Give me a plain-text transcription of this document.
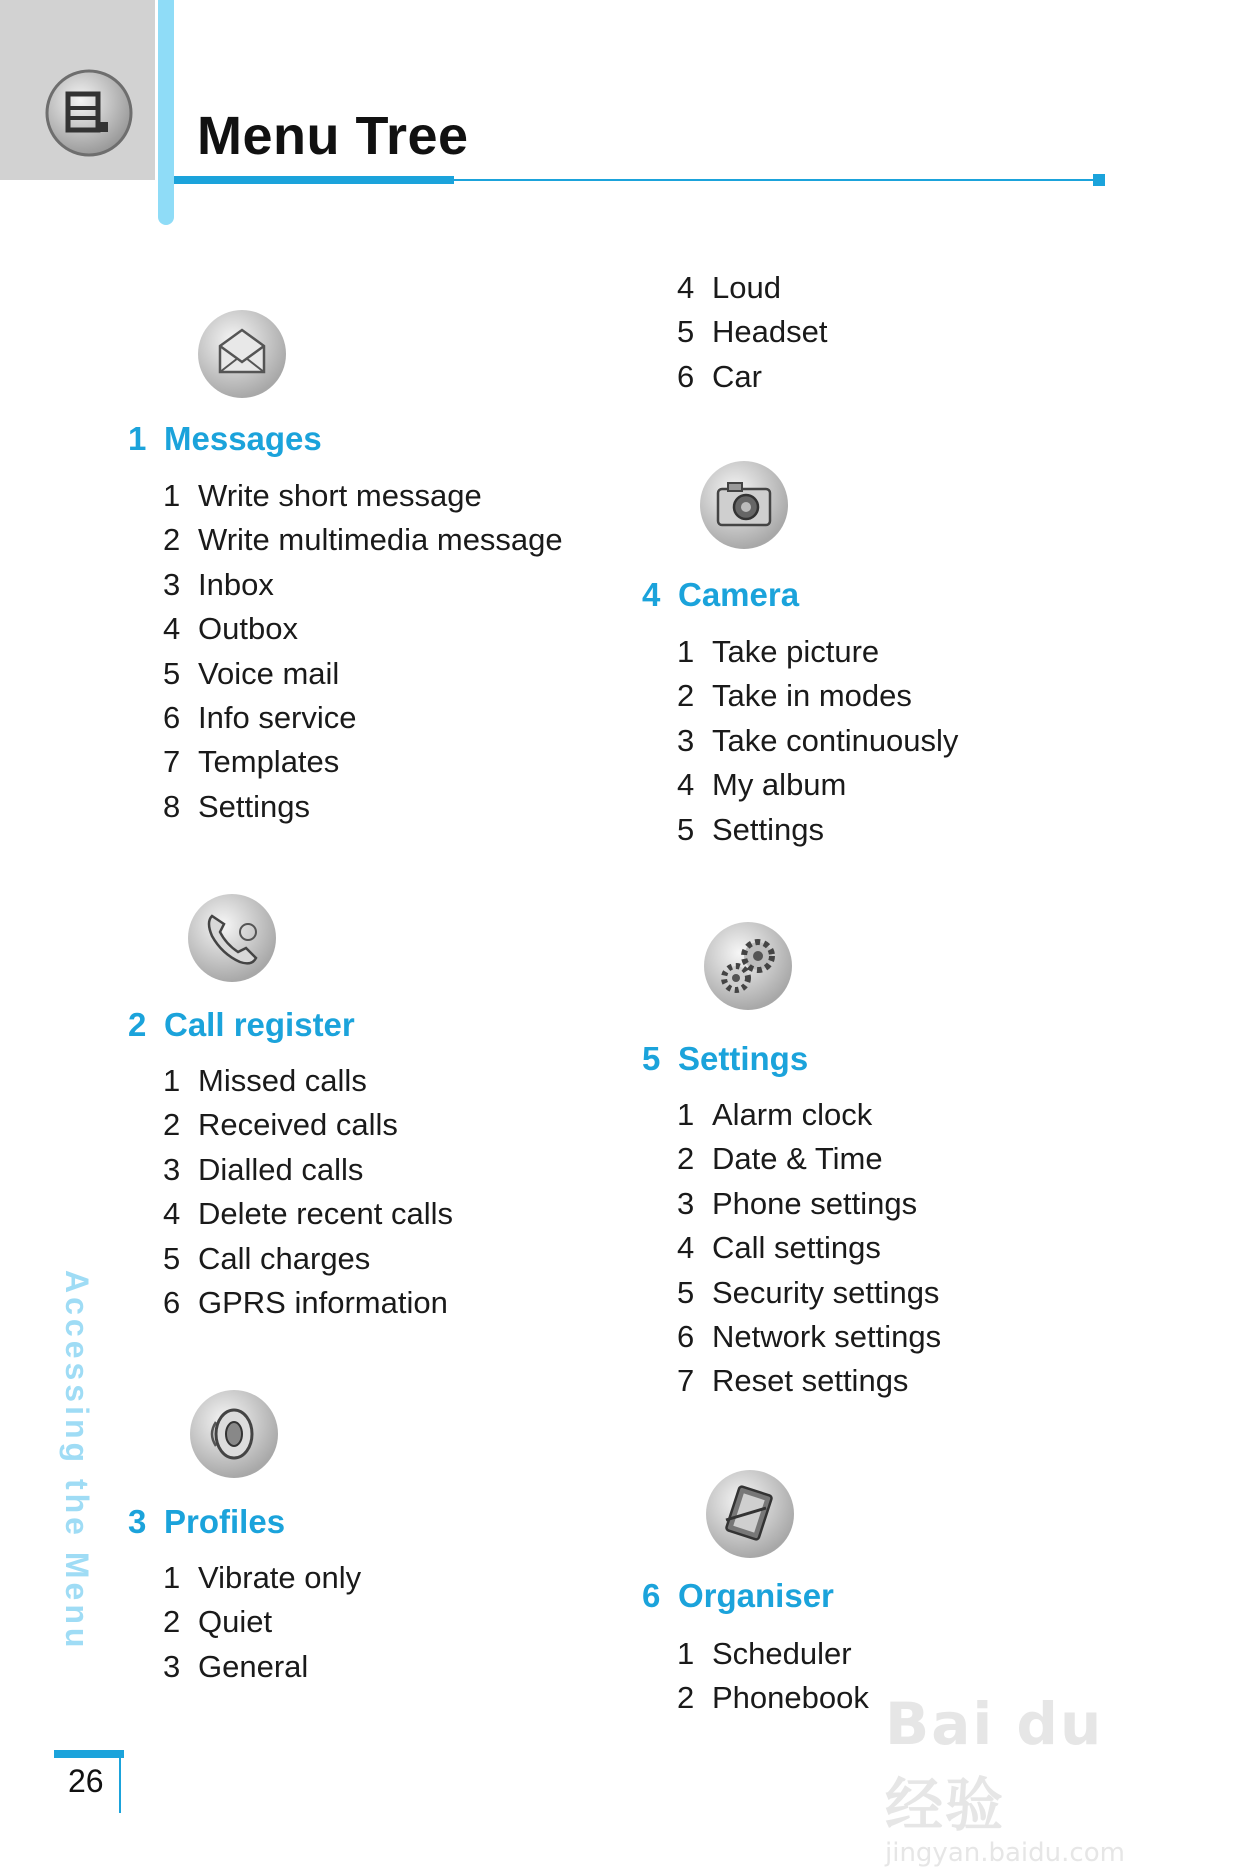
Menu Tree
1 Messages
1 Write short message
2 Write multimedia message
3 Inbox
4 Outbox
5 Voice mail
6 Info service
7 Templates
8 Settings
2 Call register
1 Missed calls
2 Received calls
3 Dialled calls
4 Delete recent calls
5 Call charges
6 GPRS information
3 Profiles
1 Vibrate only
2 Quiet
3 General
4 Loud
5 Headset
6 Car
4 Camera
1 Take picture
2 Take in modes
3 Take continuously
4 My album
5 Settings
5 Settings
1 Alarm clock
2 Date & Time
3 Phone settings
4 Call settings
5 Security settings
6 Network settings
7 Reset settings
6 Organiser
1 Scheduler
2 Phonebook
Accessing the Menu
26
Bai du 经验
jingyan.baidu.com
